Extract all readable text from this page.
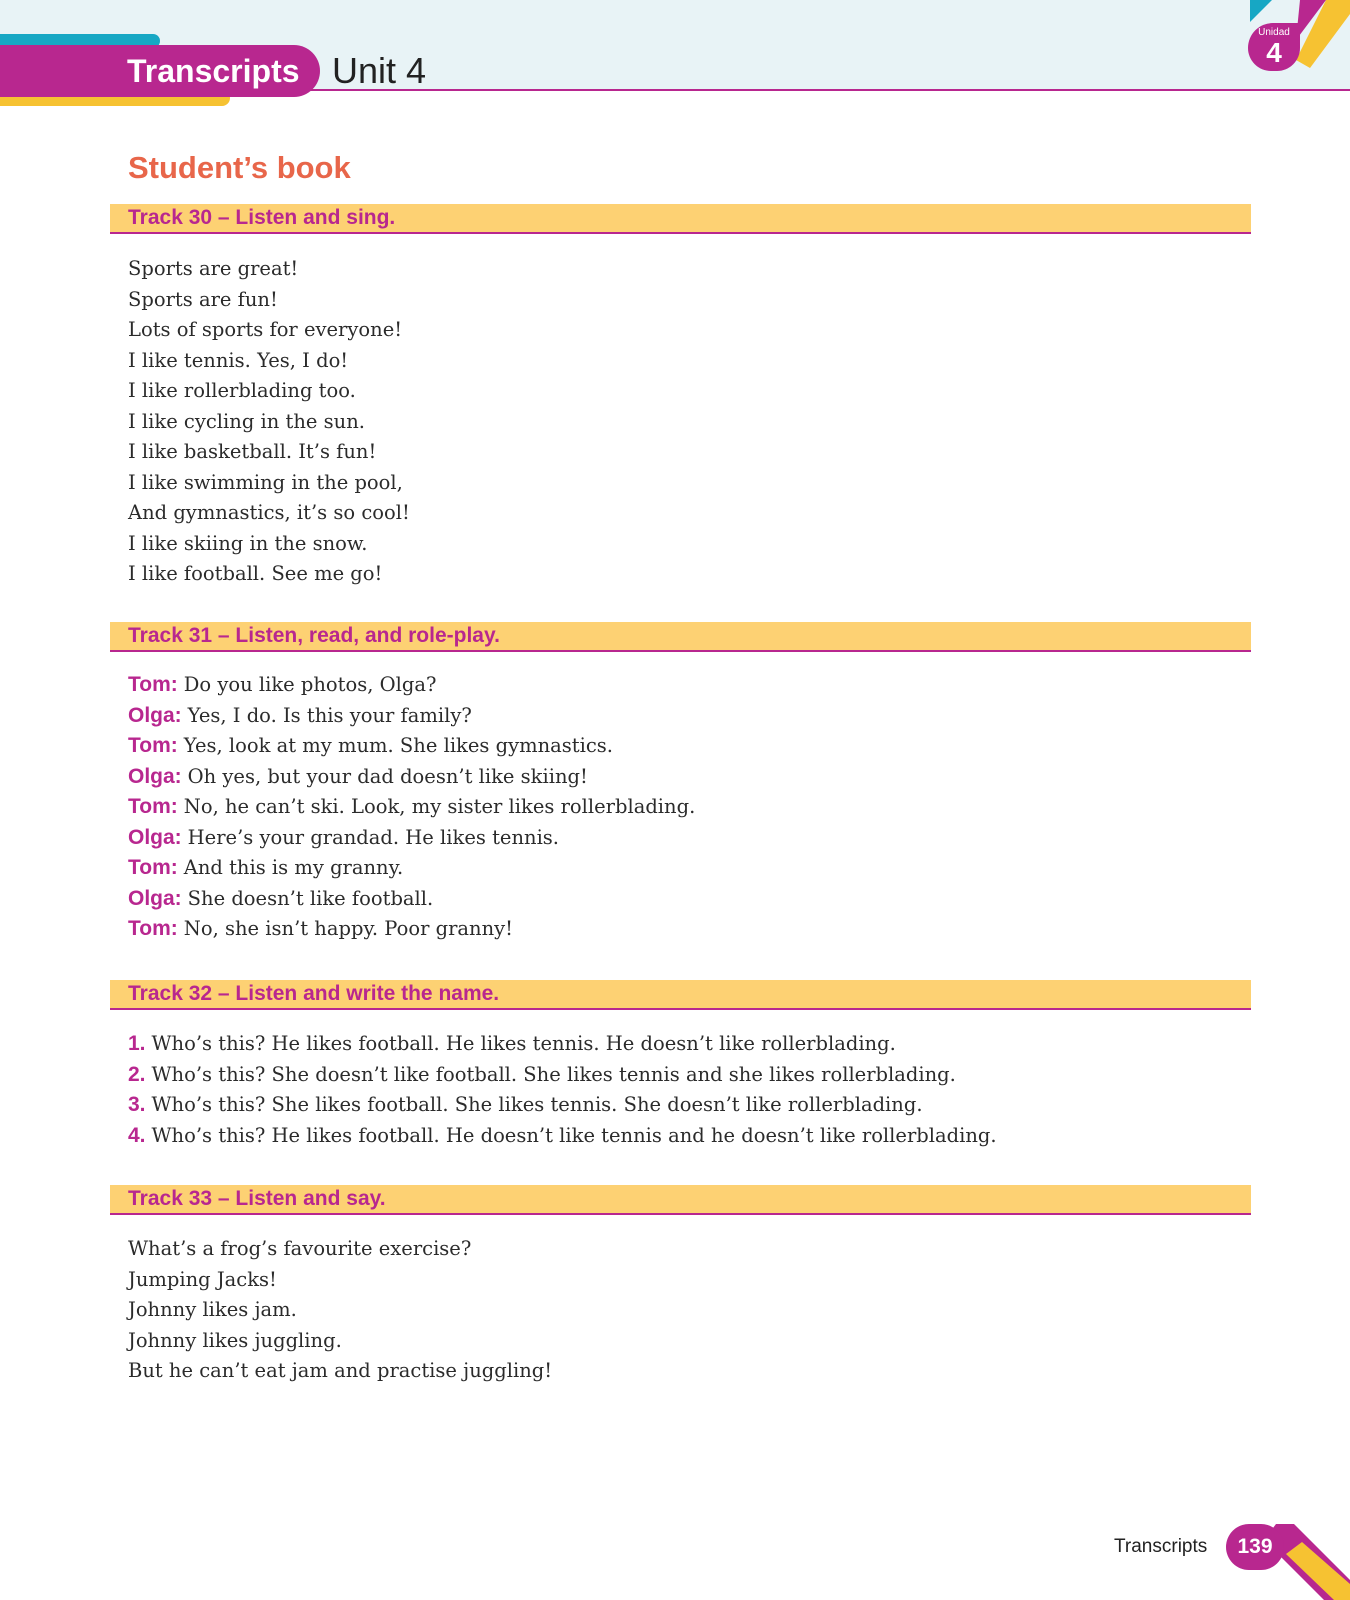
Transcripts Unit 4
Unidad
4
Student’s book
Track 30 – Listen and sing.
Sports are great!
Sports are fun!
Lots of sports for everyone!
I like tennis. Yes, I do!
I like rollerblading too.
I like cycling in the sun.
I like basketball. It’s fun!
I like swimming in the pool,
And gymnastics, it’s so cool!
I like skiing in the snow.
I like football. See me go!
Track 31 – Listen, read, and role-play.
Tom: Do you like photos, Olga?
Olga: Yes, I do. Is this your family?
Tom: Yes, look at my mum. She likes gymnastics.
Olga: Oh yes, but your dad doesn’t like skiing!
Tom: No, he can’t ski. Look, my sister likes rollerblading.
Olga: Here’s your grandad. He likes tennis.
Tom: And this is my granny.
Olga: She doesn’t like football.
Tom: No, she isn’t happy. Poor granny!
Track 32 – Listen and write the name.
1. Who’s this? He likes football. He likes tennis. He doesn’t like rollerblading.
2. Who’s this? She doesn’t like football. She likes tennis and she likes rollerblading.
3. Who’s this? She likes football. She likes tennis. She doesn’t like rollerblading.
4. Who’s this? He likes football. He doesn’t like tennis and he doesn’t like rollerblading.
Track 33 – Listen and say.
What’s a frog’s favourite exercise?
Jumping Jacks!
Johnny likes jam.
Johnny likes juggling.
But he can’t eat jam and practise juggling!
Transcripts	139
